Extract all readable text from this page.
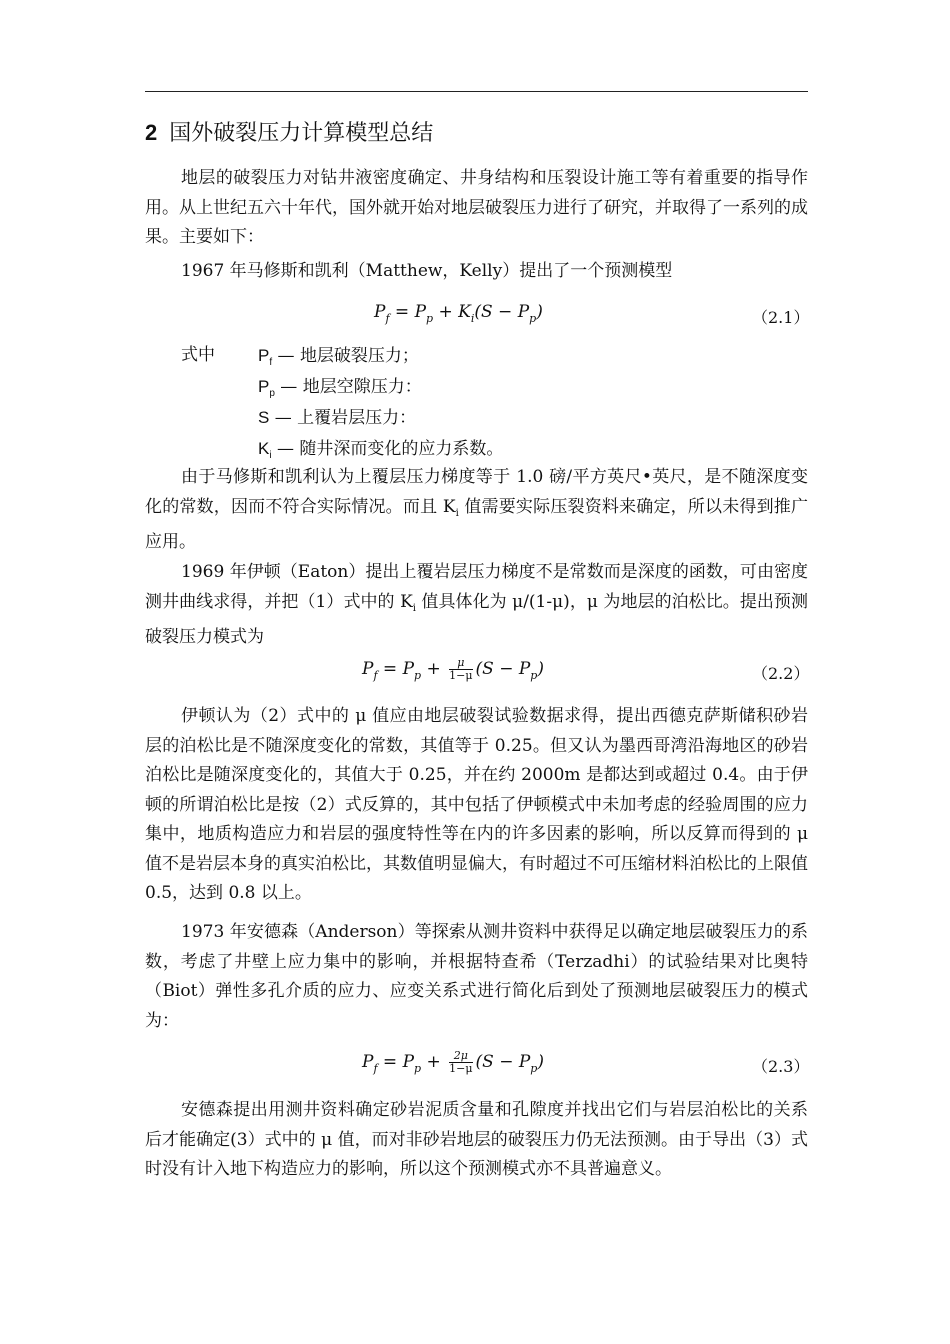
2 国外破裂压力计算模型总结

地层的破裂压力对钻井液密度确定、井身结构和压裂设计施工等有着重要的指导作用。从上世纪五六十年代，国外就开始对地层破裂压力进行了研究，并取得了一系列的成果。主要如下：

1967 年马修斯和凯利（Matthew，Kelly）提出了一个预测模型

$P_f = P_p + K_i(S - P_p)$	（2.1）
式中	$P_f$ — 地层破裂压力；
$P_p$ — 地层空隙压力：
S — 上覆岩层压力：
$K_i$ — 随井深而变化的应力系数。

由于马修斯和凯利认为上覆层压力梯度等于 1.0 磅/平方英尺•英尺，是不随深度变化的常数，因而不符合实际情况。而且 $K_i$ 值需要实际压裂资料来确定，所以未得到推广应用。

1969 年伊顿（Eaton）提出上覆岩层压力梯度不是常数而是深度的函数，可由密度测井曲线求得，并把（1）式中的 $K_i$ 值具体化为 μ/(1-μ)，μ 为地层的泊松比。提出预测破裂压力模式为

$P_f = P_p + \frac{\mu}{1-\mu} (S - P_p)$	（2.2）

伊顿认为（2）式中的 μ 值应由地层破裂试验数据求得，提出西德克萨斯储积砂岩层的泊松比是不随深度变化的常数，其值等于 0.25。但又认为墨西哥湾沿海地区的砂岩泊松比是随深度变化的，其值大于 0.25，并在约 2000m 是都达到或超过 0.4。由于伊顿的所谓泊松比是按（2）式反算的，其中包括了伊顿模式中未加考虑的经验周围的应力集中，地质构造应力和岩层的强度特性等在内的许多因素的影响，所以反算而得到的 μ 值不是岩层本身的真实泊松比，其数值明显偏大，有时超过不可压缩材料泊松比的上限值 0.5，达到 0.8 以上。

1973 年安德森（Anderson）等探索从测井资料中获得足以确定地层破裂压力的系数，考虑了井壁上应力集中的影响，并根据特查希（Terzadhi）的试验结果对比奥特（Biot）弹性多孔介质的应力、应变关系式进行简化后到处了预测地层破裂压力的模式为：

$P_f = P_p + \frac{2\mu}{1-\mu} (S - P_p)$	（2.3）

安德森提出用测井资料确定砂岩泥质含量和孔隙度并找出它们与岩层泊松比的关系后才能确定(3）式中的 μ 值，而对非砂岩地层的破裂压力仍无法预测。由于导出（3）式时没有计入地下构造应力的影响，所以这个预测模式亦不具普遍意义。
